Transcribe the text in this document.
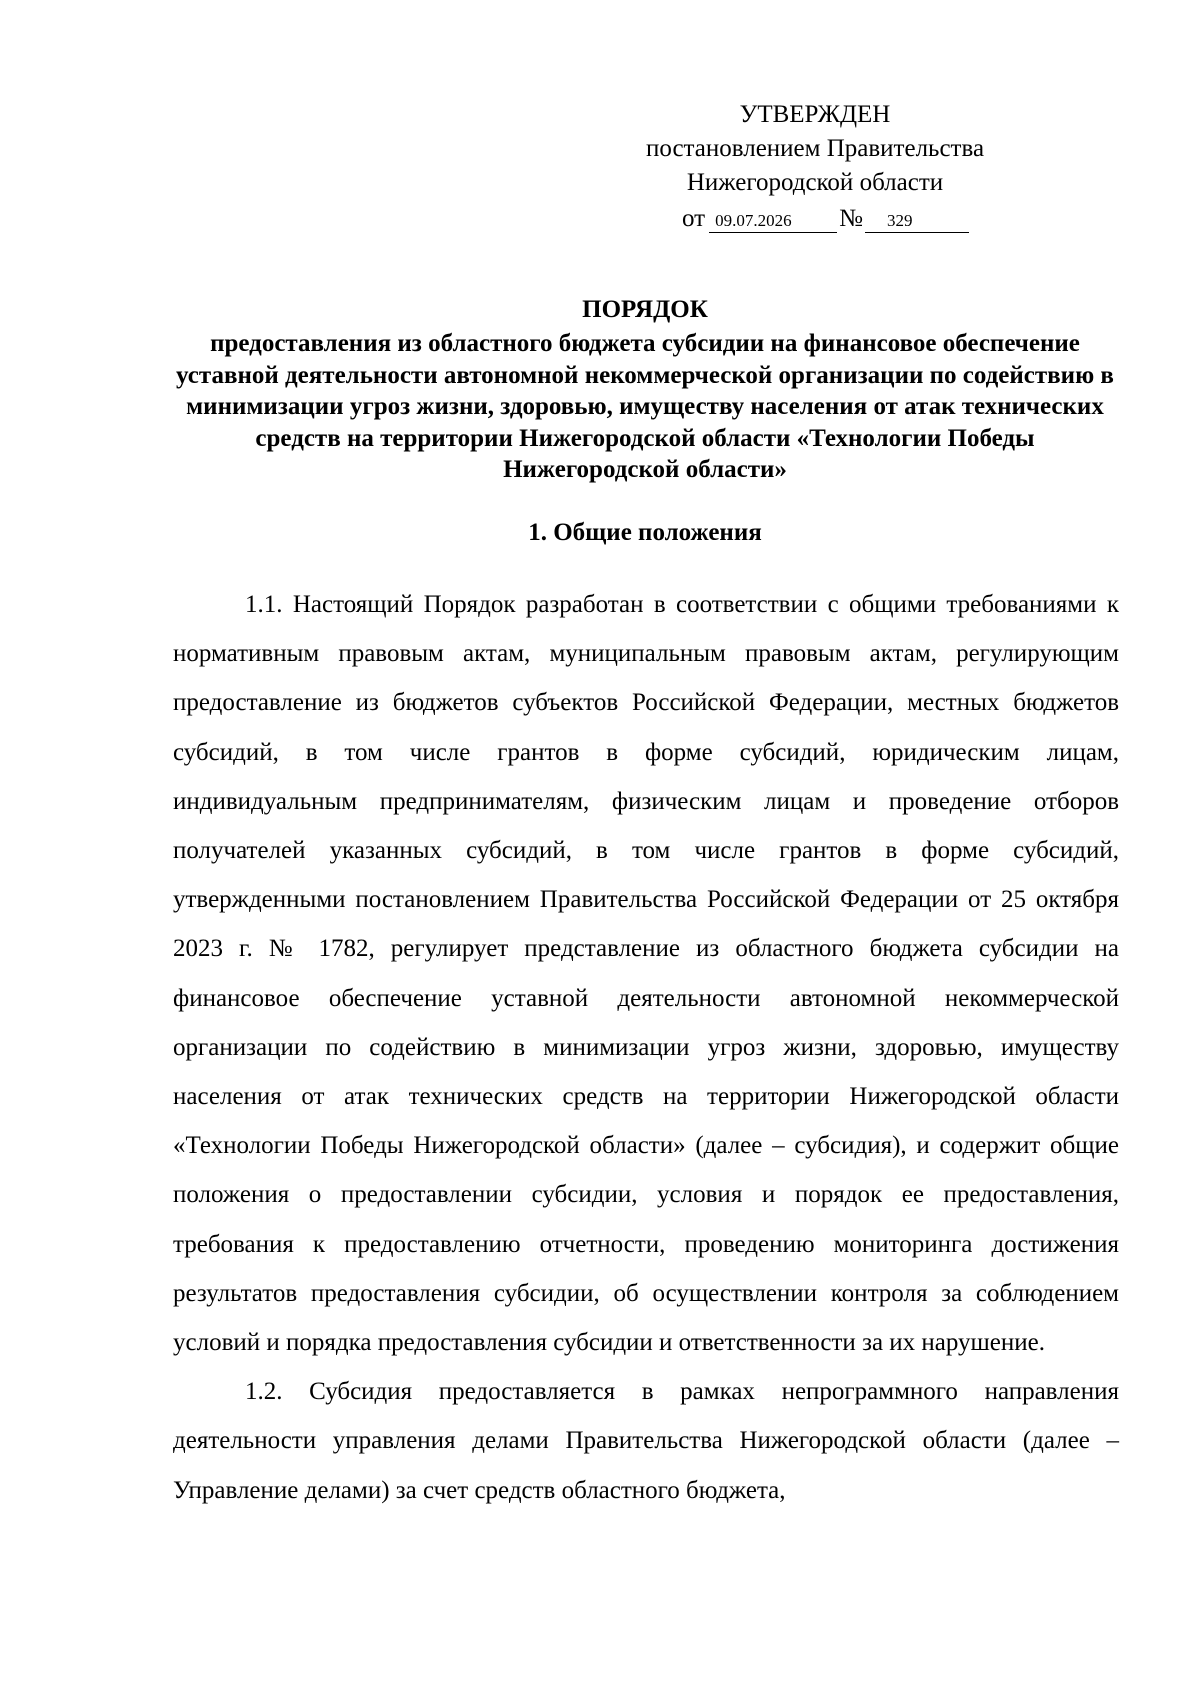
УТВЕРЖДЕН
постановлением Правительства
Нижегородской области
от 09.07.2026 № 329
ПОРЯДОК
предоставления из областного бюджета субсидии на финансовое обеспечение уставной деятельности автономной некоммерческой организации по содействию в минимизации угроз жизни, здоровью, имуществу населения от атак технических средств на территории Нижегородской области «Технологии Победы Нижегородской области»
1. Общие положения

1.1. Настоящий Порядок разработан в соответствии с общими требованиями к нормативным правовым актам, муниципальным правовым актам, регулирующим предоставление из бюджетов субъектов Российской Федерации, местных бюджетов субсидий, в том числе грантов в форме субсидий, юридическим лицам, индивидуальным предпринимателям, физическим лицам и проведение отборов получателей указанных субсидий, в том числе грантов в форме субсидий, утвержденными постановлением Правительства Российской Федерации от 25 октября 2023 г. № 1782, регулирует представление из областного бюджета субсидии на финансовое обеспечение уставной деятельности автономной некоммерческой организации по содействию в минимизации угроз жизни, здоровью, имуществу населения от атак технических средств на территории Нижегородской области «Технологии Победы Нижегородской области» (далее – субсидия), и содержит общие положения о предоставлении субсидии, условия и порядок ее предоставления, требования к предоставлению отчетности, проведению мониторинга достижения результатов предоставления субсидии, об осуществлении контроля за соблюдением условий и порядка предоставления субсидии и ответственности за их нарушение.

1.2. Субсидия предоставляется в рамках непрограммного направления деятельности управления делами Правительства Нижегородской области (далее – Управление делами) за счет средств областного бюджета,
